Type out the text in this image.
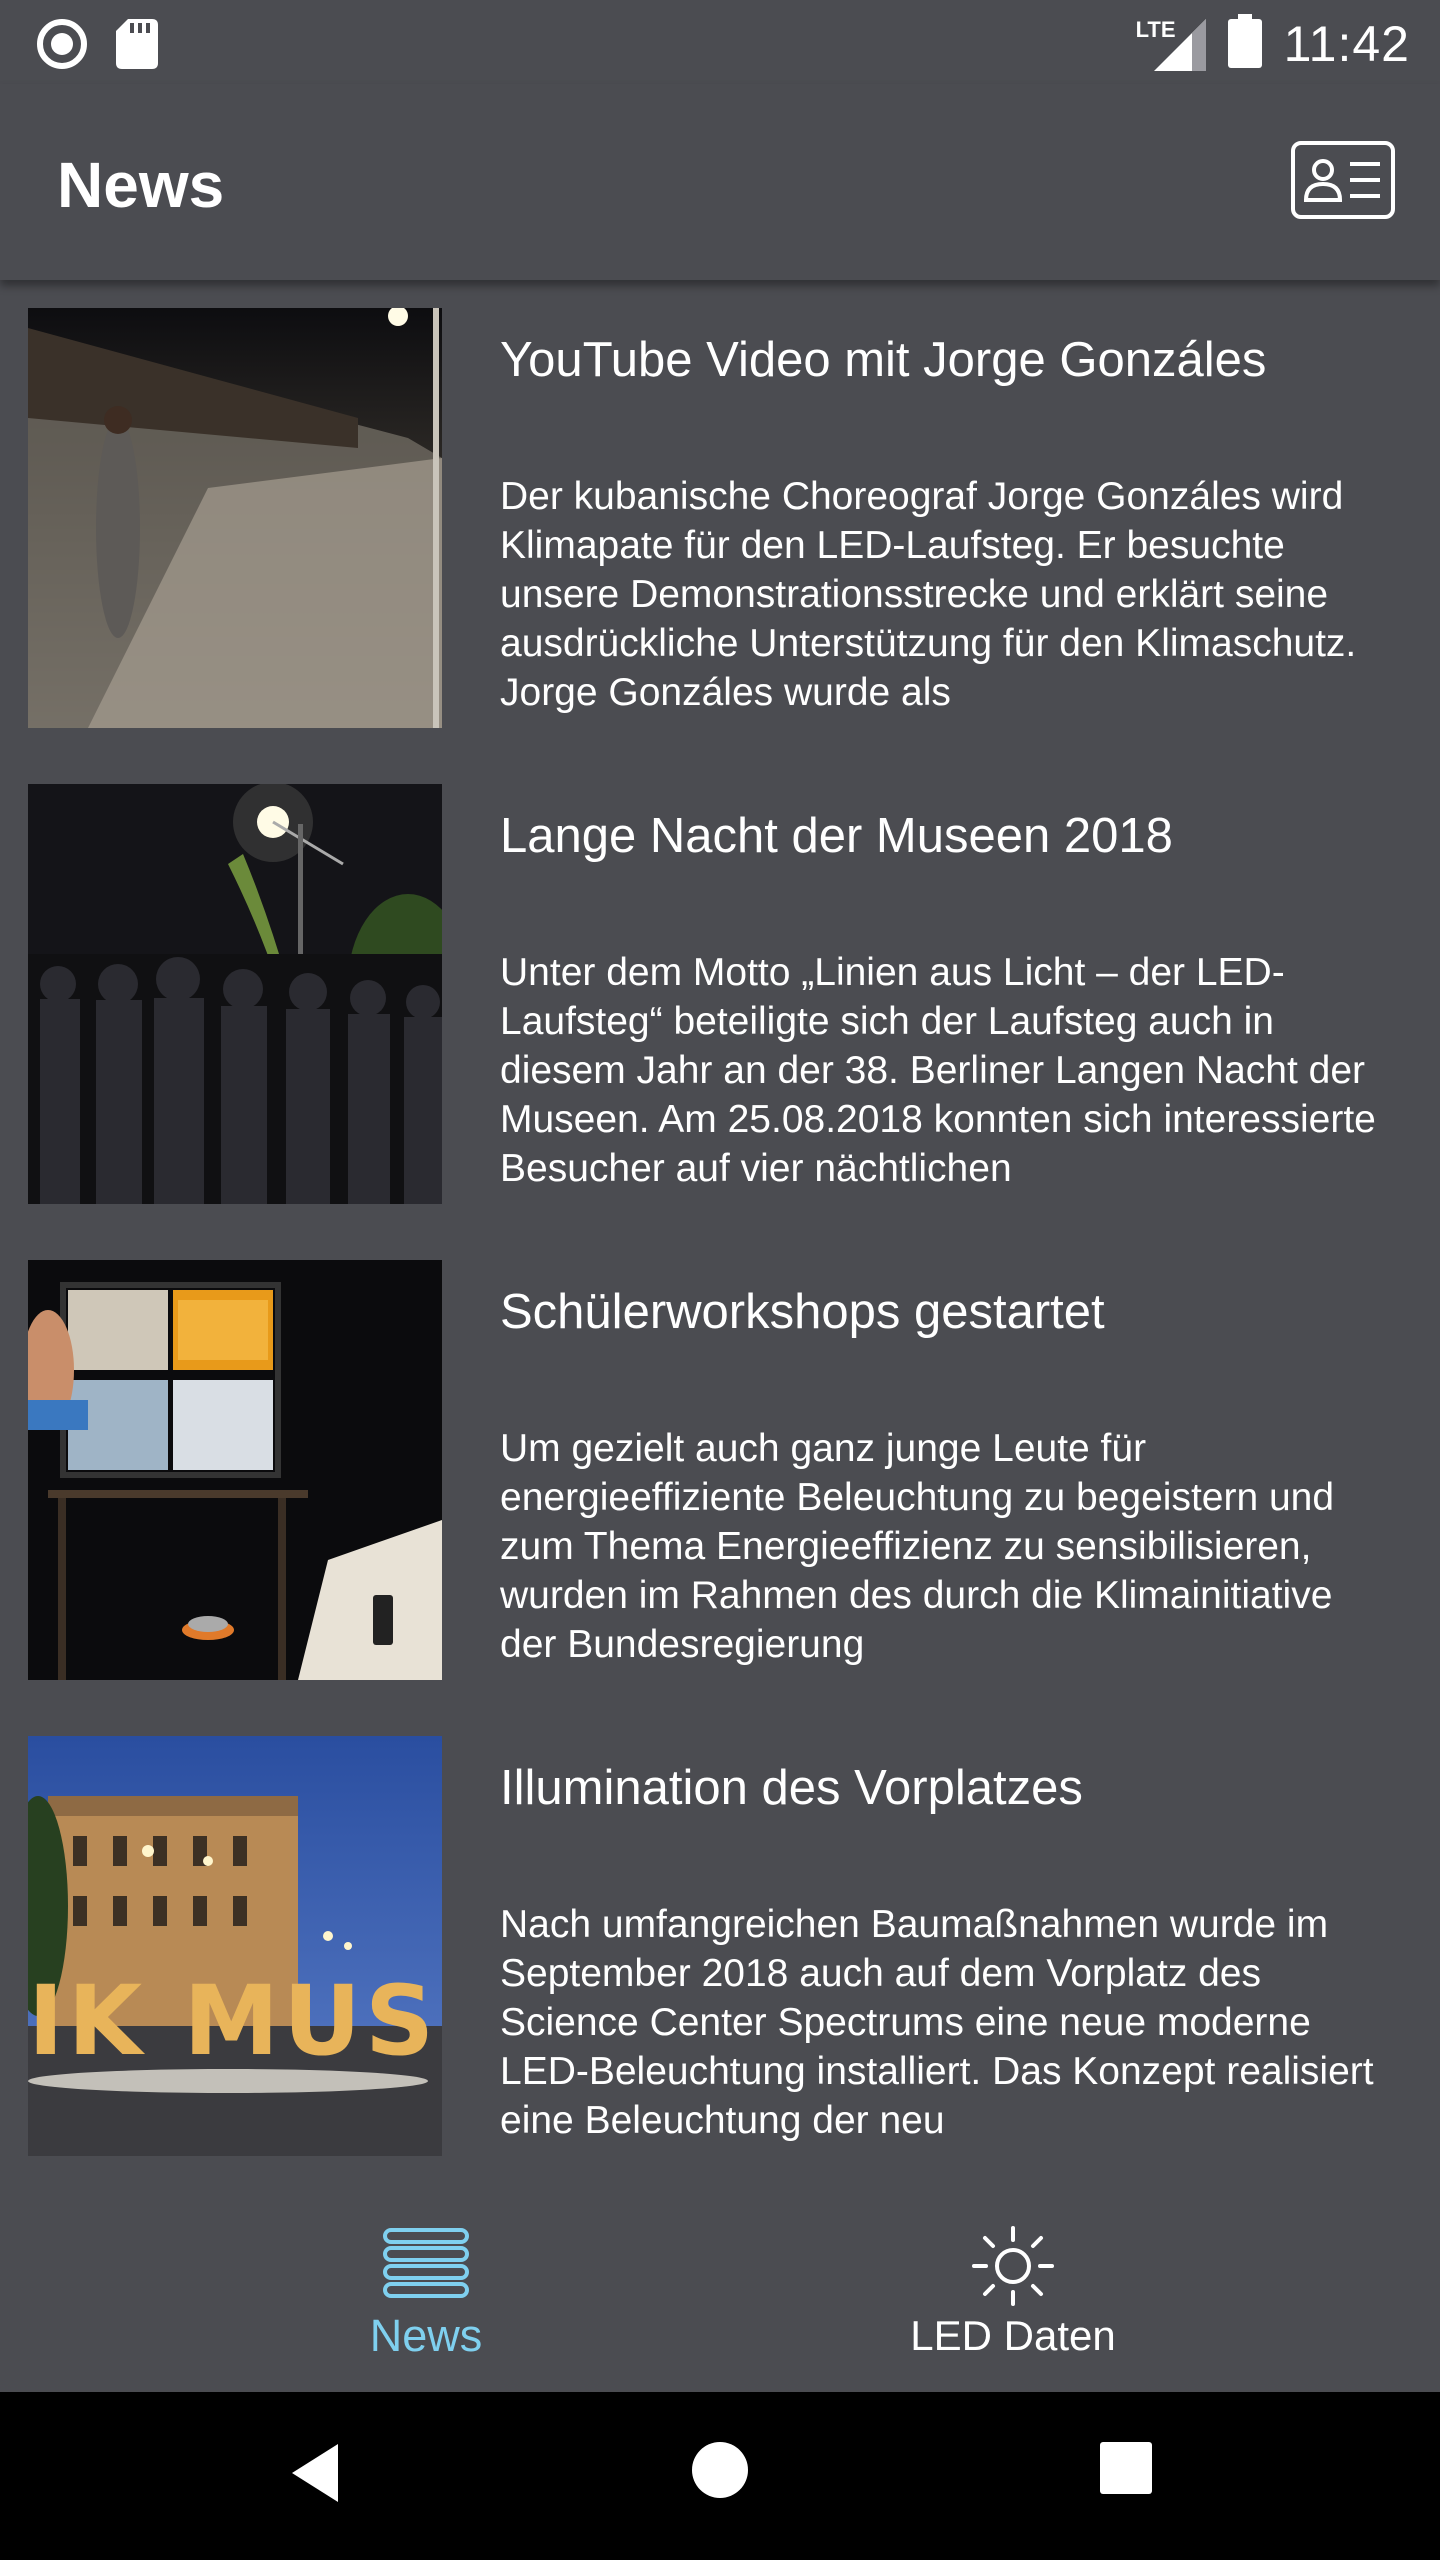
LTE 11:42
News
YouTube Video mit Jorge Gonzáles
Der kubanische Choreograf Jorge Gonzáles wird Klimapate für den LED-Laufsteg. Er besuchte unsere Demonstrationsstrecke und erklärt seine ausdrückliche Unterstützung für den Klimaschutz. Jorge Gonzáles wurde als
Lange Nacht der Museen 2018
Unter dem Motto „Linien aus Licht – der LED-Laufsteg“ beteiligte sich der Laufsteg auch in diesem Jahr an der 38. Berliner Langen Nacht der Museen. Am 25.08.2018 konnten sich interessierte Besucher auf vier nächtlichen
Schülerworkshops gestartet
Um gezielt auch ganz junge Leute für energieeffiziente Beleuchtung zu begeistern und zum Thema Energieeffizienz zu sensibilisieren, wurden im Rahmen des durch die Klimainitiative der Bundesregierung
IK MUS
Illumination des Vorplatzes
Nach umfangreichen Baumaßnahmen wurde im September 2018 auch auf dem Vorplatz des Science Center Spectrums eine neue moderne LED-Beleuchtung installiert. Das Konzept realisiert eine Beleuchtung der neu
News	LED Daten
